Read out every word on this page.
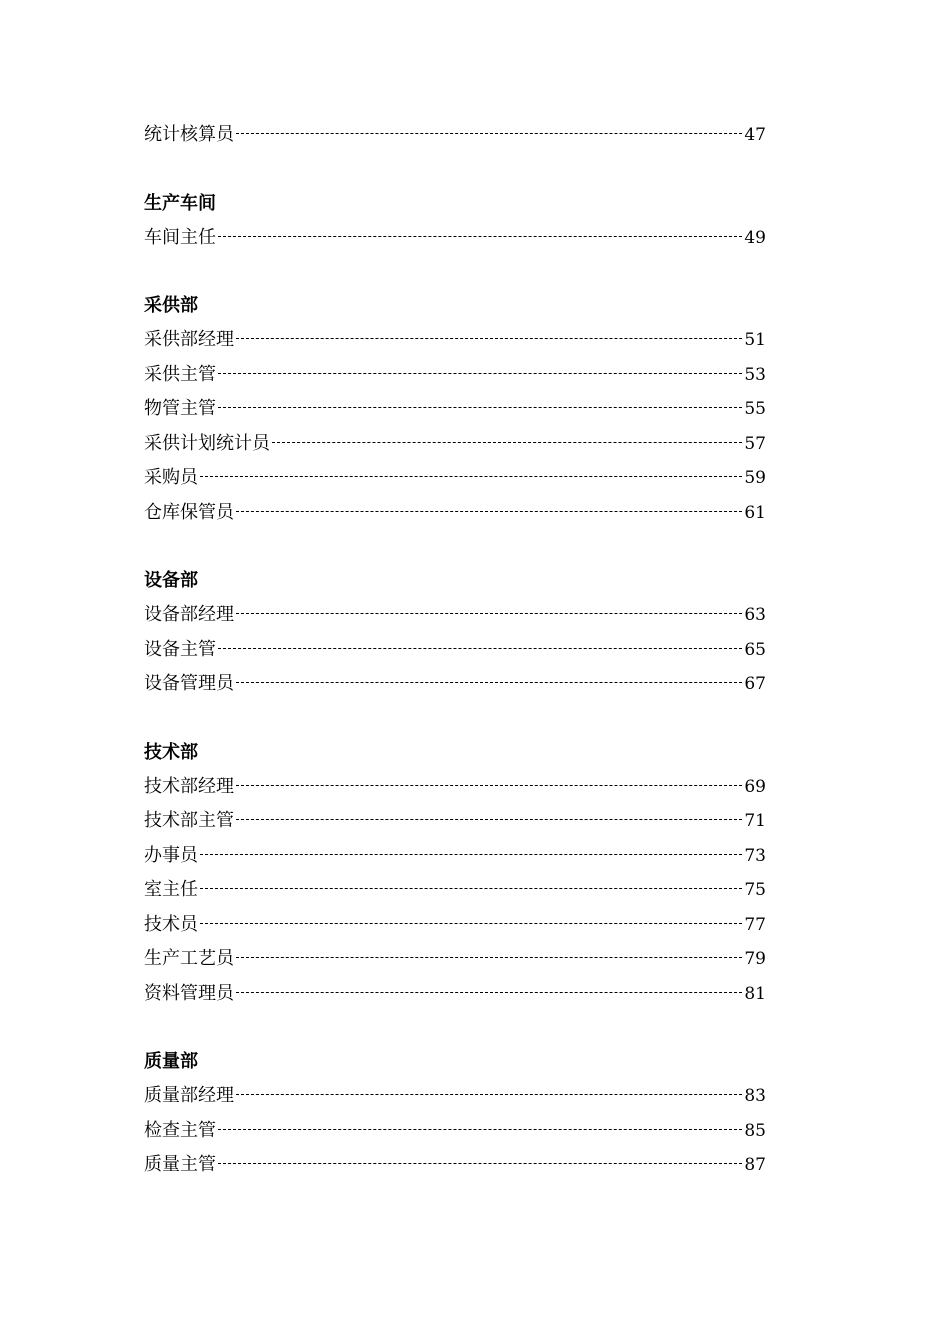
统计核算员	47
生产车间
车间主任	49
采供部
采供部经理	51
采供主管	53
物管主管	55
采供计划统计员	57
采购员	59
仓库保管员	61
设备部
设备部经理	63
设备主管	65
设备管理员	67
技术部
技术部经理	69
技术部主管	71
办事员	73
室主任	75
技术员	77
生产工艺员	79
资料管理员	81
质量部
质量部经理	83
检查主管	85
质量主管	87
